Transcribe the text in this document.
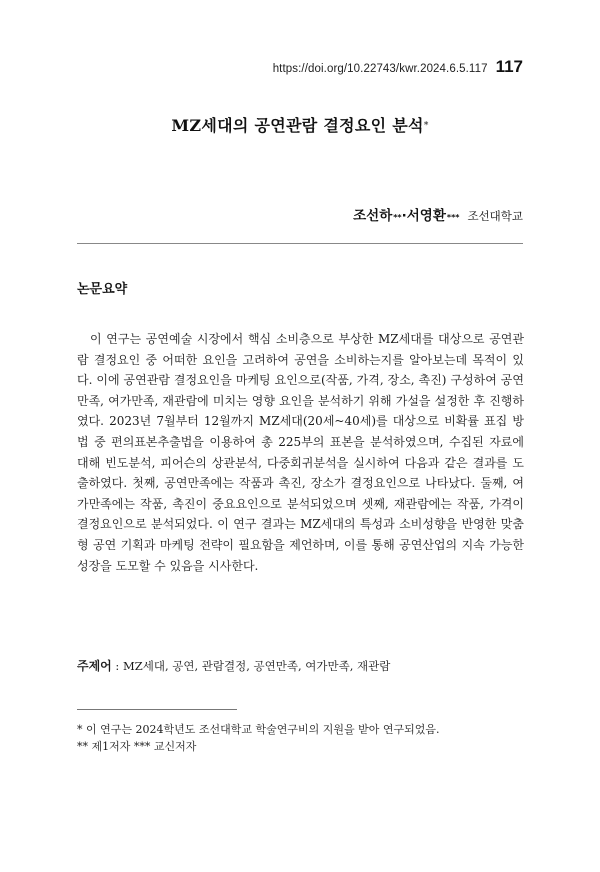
https://doi.org/10.22743/kwr.2024.6.5.117 117
MZ세대의 공연관람 결정요인 분석*
조선하 ** · 서영환 *** 조선대학교
논문요약

이 연구는 공연예술 시장에서 핵심 소비층으로 부상한 MZ세대를 대상으로 공연관람 결정요인 중 어떠한 요인을 고려하여 공연을 소비하는지를 알아보는데 목적이 있다. 이에 공연관람 결정요인을 마케팅 요인으로(작품, 가격, 장소, 촉진) 구성하여 공연만족, 여가만족, 재관람에 미치는 영향 요인을 분석하기 위해 가설을 설정한 후 진행하였다. 2023년 7월부터 12월까지 MZ세대(20세~40세)를 대상으로 비확률 표집 방법 중 편의표본추출법을 이용하여 총 225부의 표본을 분석하였으며, 수집된 자료에 대해 빈도분석, 피어슨의 상관분석, 다중회귀분석을 실시하여 다음과 같은 결과를 도출하였다. 첫째, 공연만족에는 작품과 촉진, 장소가 결정요인으로 나타났다. 둘째, 여가만족에는 작품, 촉진이 중요요인으로 분석되었으며 셋째, 재관람에는 작품, 가격이 결정요인으로 분석되었다. 이 연구 결과는 MZ세대의 특성과 소비성향을 반영한 맞춤형 공연 기획과 마케팅 전략이 필요함을 제언하며, 이를 통해 공연산업의 지속 가능한 성장을 도모할 수 있음을 시사한다.

주제어 : MZ세대, 공연, 관람결정, 공연만족, 여가만족, 재관람
* 이 연구는 2024학년도 조선대학교 학술연구비의 지원을 받아 연구되었음.
** 제1저자 *** 교신저자
